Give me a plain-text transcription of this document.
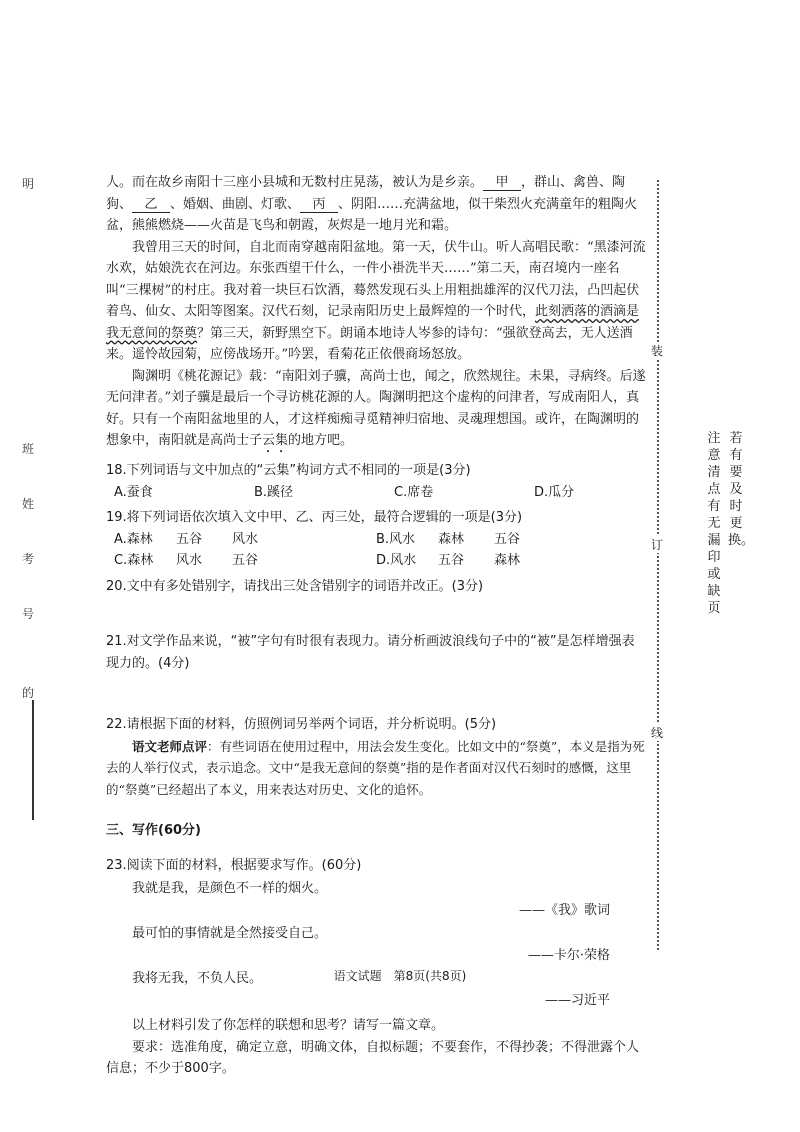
人。而在故乡南阳十三座小县城和无数村庄晃荡，被认为是乡亲。 甲 ，群山、禽兽、陶狗、 乙 、婚姻、曲剧、灯歌、 丙 、阴阳……充满盆地，似干柴烈火充满童年的粗陶火盆，熊熊燃烧——火苗是飞鸟和朝霞，灰烬是一地月光和霜。

我曾用三天的时间，自北而南穿越南阳盆地。第一天，伏牛山。听人高唱民歌：“黑漆河流水欢，姑娘洗衣在河边。东张西望干什么，一件小褂洗半天……”第二天，南召境内一座名叫“三棵树”的村庄。我对着一块巨石饮酒，蓦然发现石头上用粗拙雄浑的汉代刀法，凸凹起伏着鸟、仙女、太阳等图案。汉代石刻，记录南阳历史上最辉煌的一个时代，此刻洒落的酒滴是我无意间的祭奠？第三天，新野黑空下。朗诵本地诗人岑参的诗句：“强欲登高去，无人送酒来。遥怜故园菊，应傍战场开。”吟罢，看菊花正依偎商场怒放。

陶渊明《桃花源记》载：“南阳刘子骥，高尚士也，闻之，欣然规往。未果，寻病终。后遂无问津者。”刘子骥是最后一个寻访桃花源的人。陶渊明把这个虚构的问津者，写成南阳人，真好。只有一个南阳盆地里的人，才这样痴痴寻觅精神归宿地、灵魂理想国。或许，在陶渊明的想象中，南阳就是高尚士子云集的地方吧。

18.下列词语与文中加点的“云集”构词方式不相同的一项是(3分)

A.蚕食	B.蹊径	C.席卷	D.瓜分

19.将下列词语依次填入文中甲、乙、丙三处，最符合逻辑的一项是(3分)

A.森林 五谷 风水	B.风水 森林 五谷
C.森林 风水 五谷	D.风水 五谷 森林

20.文中有多处错别字，请找出三处含错别字的词语并改正。(3分)

21.对文学作品来说，“被”字句有时很有表现力。请分析画波浪线句子中的“被”是怎样增强表现力的。(4分)

22.请根据下面的材料，仿照例词另举两个词语，并分析说明。(5分)

语文老师点评：有些词语在使用过程中，用法会发生变化。比如文中的“祭奠”，本义是指为死去的人举行仪式，表示追念。文中“是我无意间的祭奠”指的是作者面对汉代石刻时的感慨，这里的“祭奠”已经超出了本义，用来表达对历史、文化的追怀。

三、写作(60分)

23.阅读下面的材料，根据要求写作。(60分)

我就是我，是颜色不一样的烟火。

——《我》歌词

最可怕的事情就是全然接受自己。

——卡尔·荣格

我将无我，不负人民。

——习近平

以上材料引发了你怎样的联想和思考？请写一篇文章。

要求：选准角度，确定立意，明确文体，自拟标题；不要套作，不得抄袭；不得泄露个人信息；不少于800字。

语文试题　第8页(共8页)
装
订
线
注意清点有无漏印或缺页
若有要及时更换。
明
班
姓
考
号
的
